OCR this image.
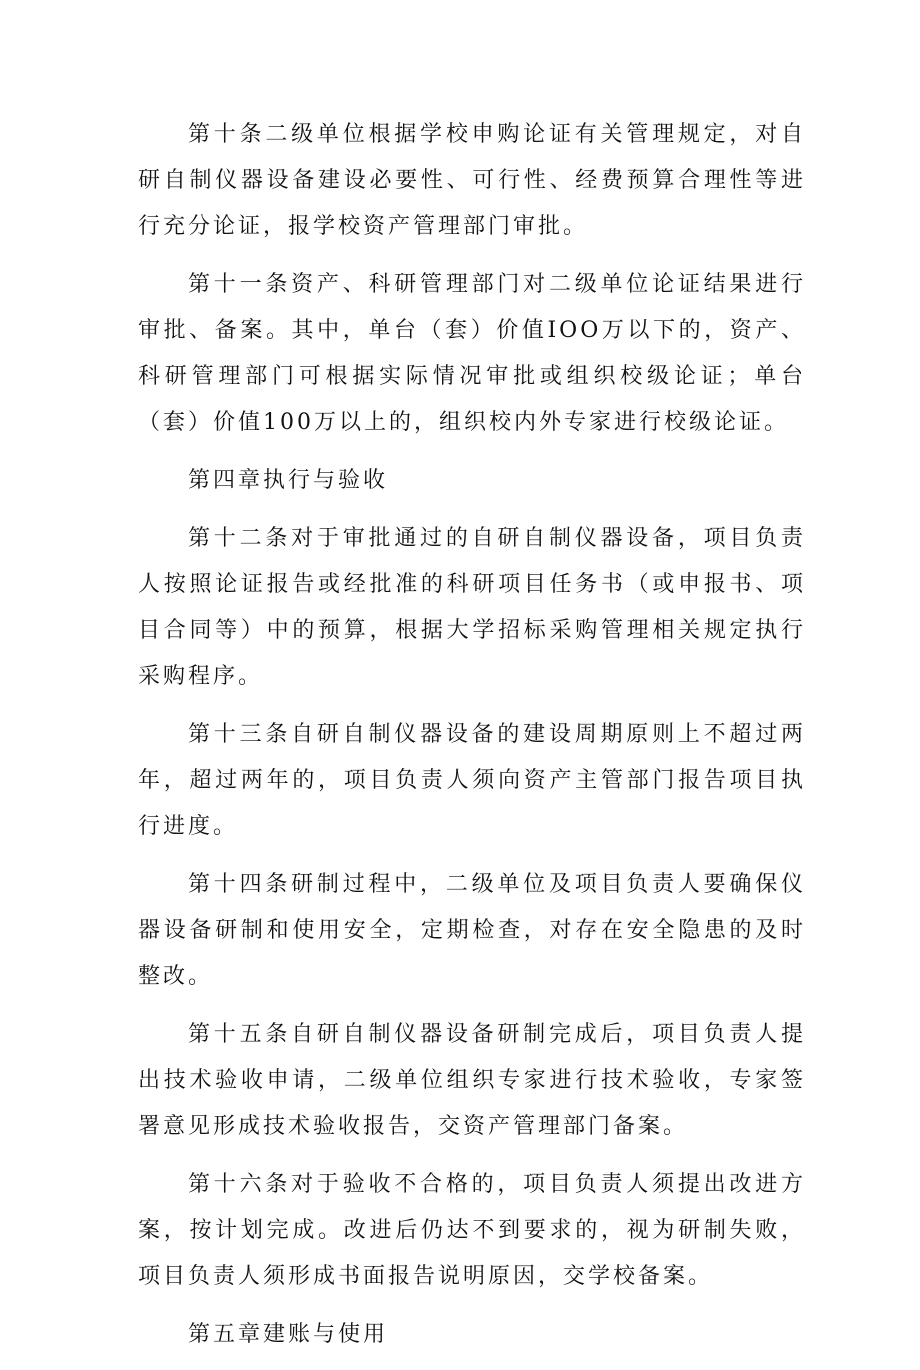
第十条二级单位根据学校申购论证有关管理规定，对自研自制仪器设备建设必要性、可行性、经费预算合理性等进行充分论证，报学校资产管理部门审批。

第十一条资产、科研管理部门对二级单位论证结果进行审批、备案。其中，单台（套）价值IOO万以下的，资产、科研管理部门可根据实际情况审批或组织校级论证；单台（套）价值100万以上的，组织校内外专家进行校级论证。

第四章执行与验收

第十二条对于审批通过的自研自制仪器设备，项目负责人按照论证报告或经批准的科研项目任务书（或申报书、项目合同等）中的预算，根据大学招标采购管理相关规定执行采购程序。

第十三条自研自制仪器设备的建设周期原则上不超过两年，超过两年的，项目负责人须向资产主管部门报告项目执行进度。

第十四条研制过程中，二级单位及项目负责人要确保仪器设备研制和使用安全，定期检查，对存在安全隐患的及时整改。

第十五条自研自制仪器设备研制完成后，项目负责人提出技术验收申请，二级单位组织专家进行技术验收，专家签署意见形成技术验收报告，交资产管理部门备案。

第十六条对于验收不合格的，项目负责人须提出改进方案，按计划完成。改进后仍达不到要求的，视为研制失败，项目负责人须形成书面报告说明原因，交学校备案。

第五章建账与使用
